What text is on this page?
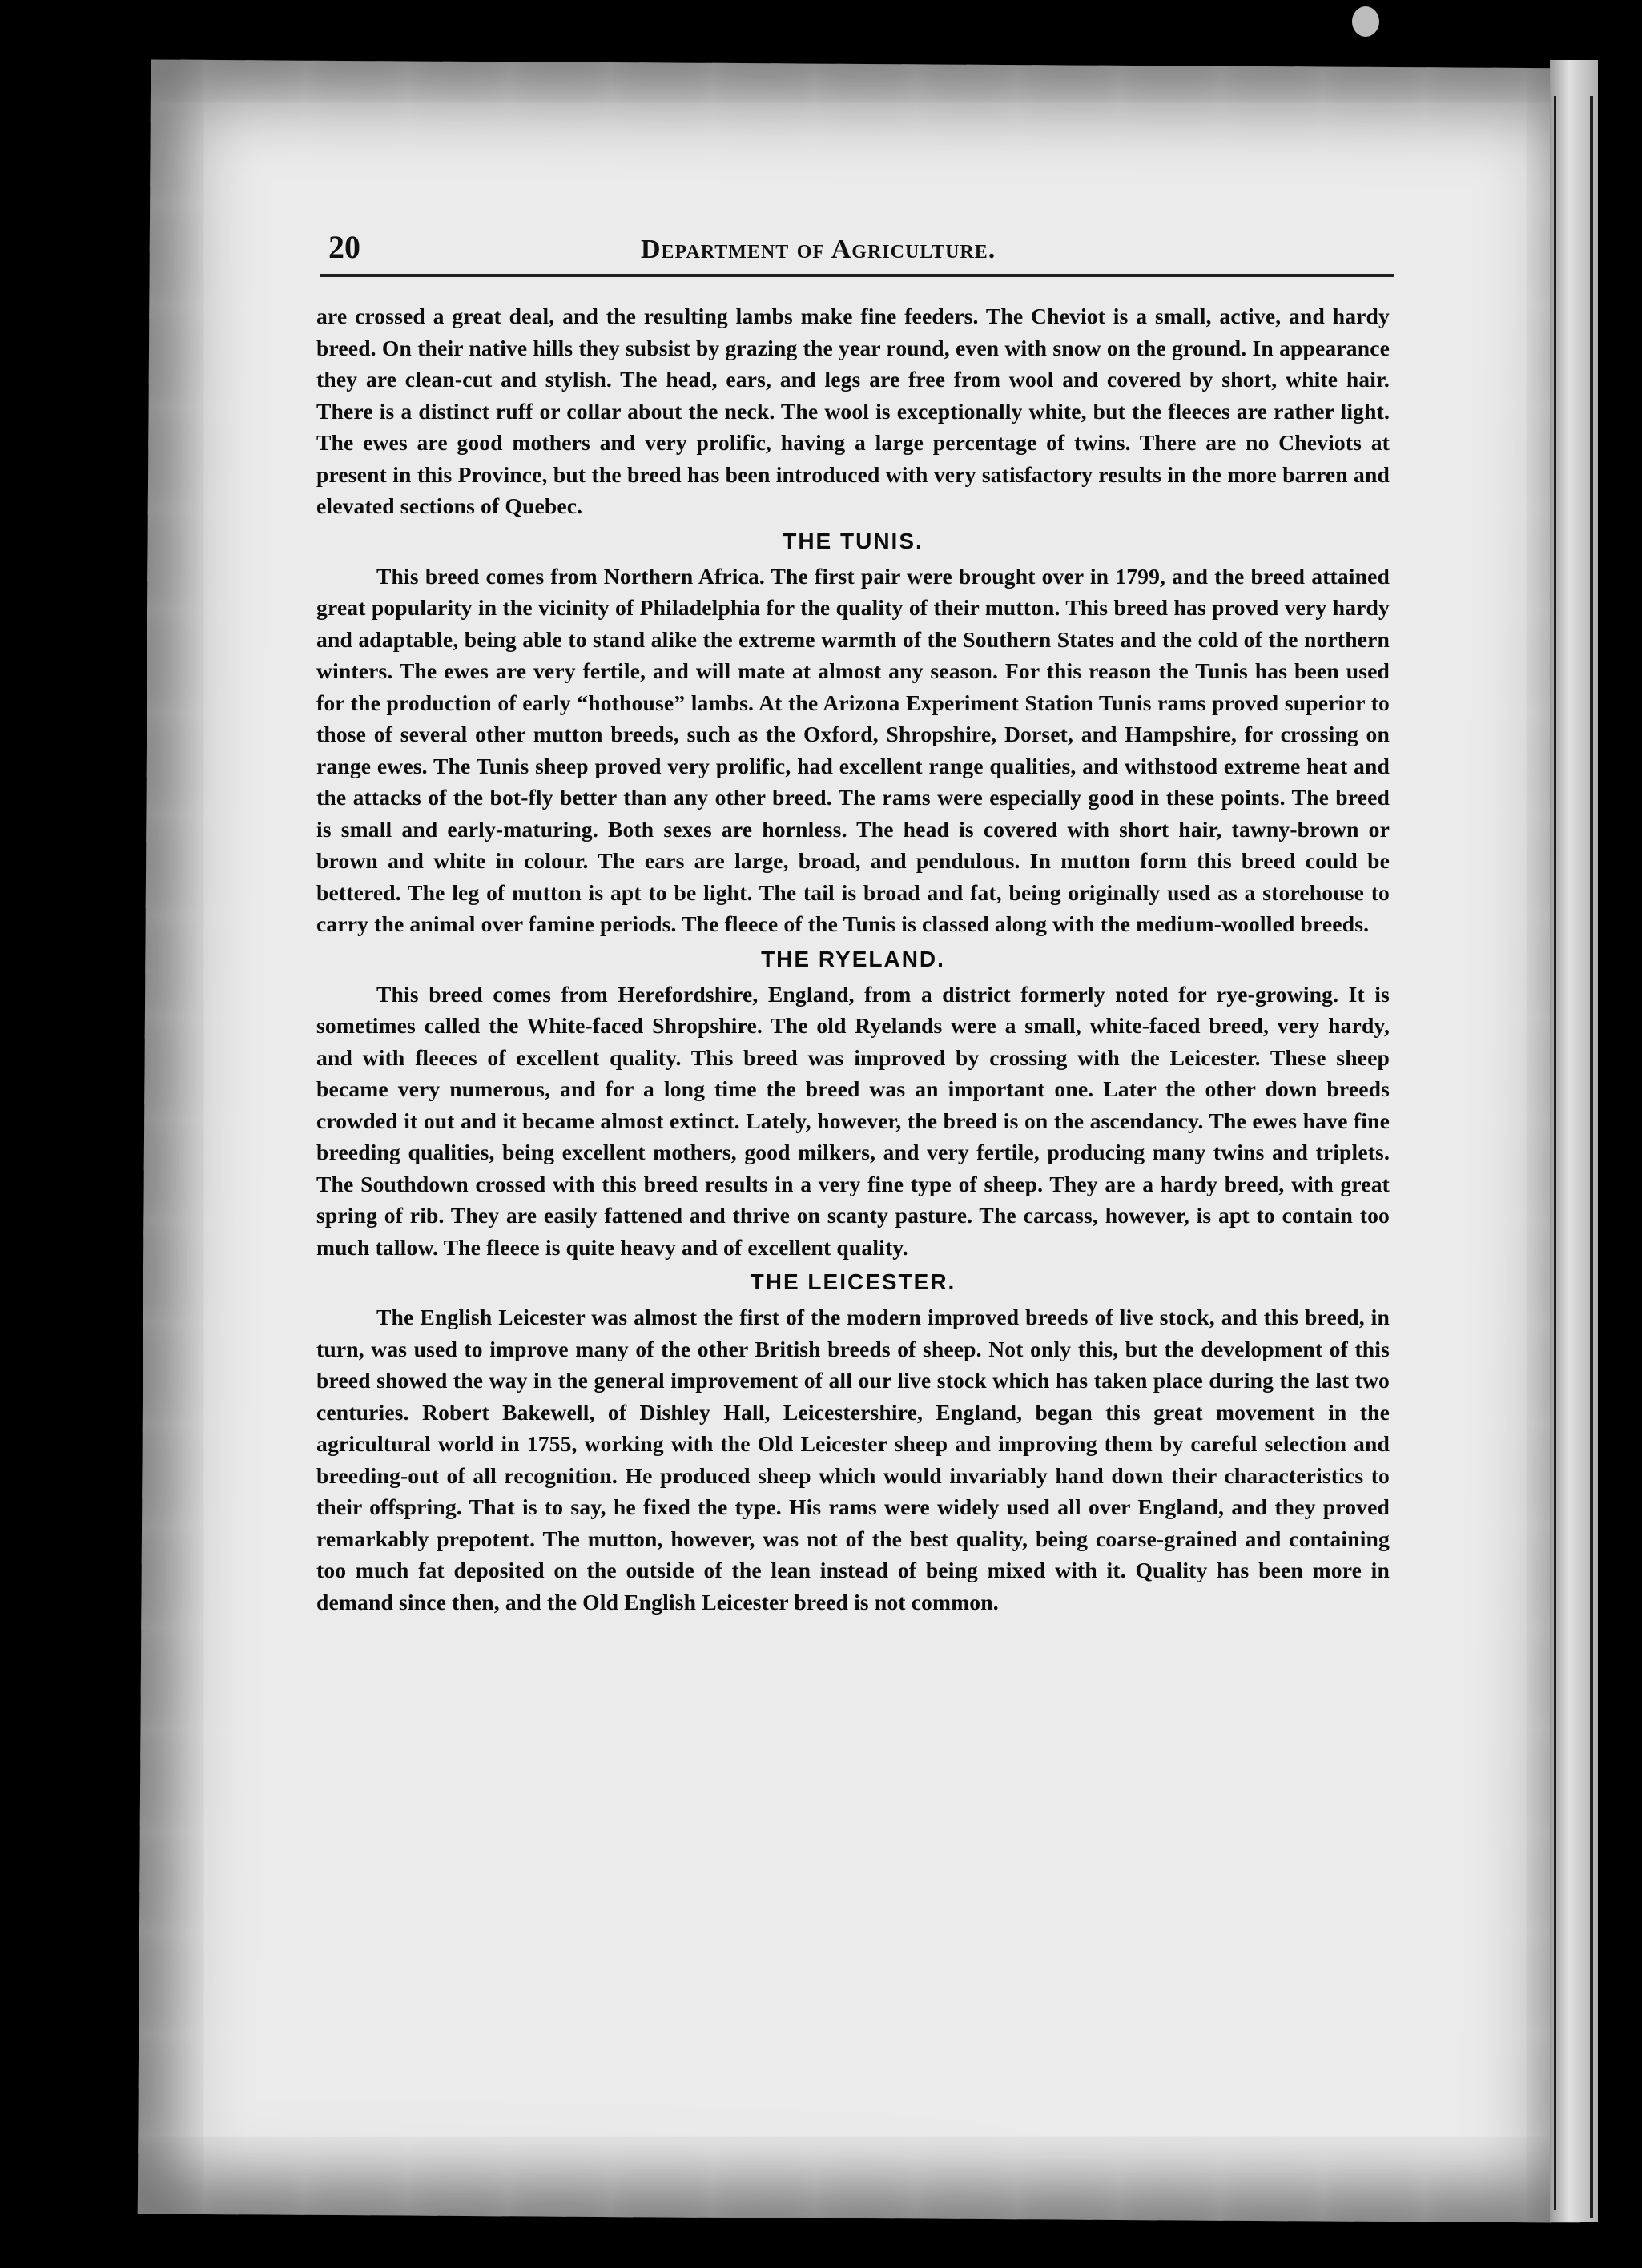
20	Department of Agriculture.

are crossed a great deal, and the resulting lambs make fine feeders. The Cheviot is a small, active, and hardy breed. On their native hills they subsist by grazing the year round, even with snow on the ground. In appearance they are clean-cut and stylish. The head, ears, and legs are free from wool and covered by short, white hair. There is a distinct ruff or collar about the neck. The wool is exceptionally white, but the fleeces are rather light. The ewes are good mothers and very prolific, having a large percentage of twins. There are no Cheviots at present in this Province, but the breed has been introduced with very satisfactory results in the more barren and elevated sections of Quebec.

THE TUNIS.

This breed comes from Northern Africa. The first pair were brought over in 1799, and the breed attained great popularity in the vicinity of Philadelphia for the quality of their mutton. This breed has proved very hardy and adaptable, being able to stand alike the extreme warmth of the Southern States and the cold of the northern winters. The ewes are very fertile, and will mate at almost any season. For this reason the Tunis has been used for the production of early “hothouse” lambs. At the Arizona Experiment Station Tunis rams proved superior to those of several other mutton breeds, such as the Oxford, Shropshire, Dorset, and Hampshire, for crossing on range ewes. The Tunis sheep proved very prolific, had excellent range qualities, and withstood extreme heat and the attacks of the bot-fly better than any other breed. The rams were especially good in these points. The breed is small and early-maturing. Both sexes are hornless. The head is covered with short hair, tawny-brown or brown and white in colour. The ears are large, broad, and pendulous. In mutton form this breed could be bettered. The leg of mutton is apt to be light. The tail is broad and fat, being originally used as a storehouse to carry the animal over famine periods. The fleece of the Tunis is classed along with the medium-woolled breeds.

THE RYELAND.

This breed comes from Herefordshire, England, from a district formerly noted for rye-growing. It is sometimes called the White-faced Shropshire. The old Ryelands were a small, white-faced breed, very hardy, and with fleeces of excellent quality. This breed was improved by crossing with the Leicester. These sheep became very numerous, and for a long time the breed was an important one. Later the other down breeds crowded it out and it became almost extinct. Lately, however, the breed is on the ascendancy. The ewes have fine breeding qualities, being excellent mothers, good milkers, and very fertile, producing many twins and triplets. The Southdown crossed with this breed results in a very fine type of sheep. They are a hardy breed, with great spring of rib. They are easily fattened and thrive on scanty pasture. The carcass, however, is apt to contain too much tallow. The fleece is quite heavy and of excellent quality.

THE LEICESTER.

The English Leicester was almost the first of the modern improved breeds of live stock, and this breed, in turn, was used to improve many of the other British breeds of sheep. Not only this, but the development of this breed showed the way in the general improvement of all our live stock which has taken place during the last two centuries. Robert Bakewell, of Dishley Hall, Leicestershire, England, began this great movement in the agricultural world in 1755, working with the Old Leicester sheep and improving them by careful selection and breeding-out of all recognition. He produced sheep which would invariably hand down their characteristics to their offspring. That is to say, he fixed the type. His rams were widely used all over England, and they proved remarkably prepotent. The mutton, however, was not of the best quality, being coarse-grained and containing too much fat deposited on the outside of the lean instead of being mixed with it. Quality has been more in demand since then, and the Old English Leicester breed is not common.
